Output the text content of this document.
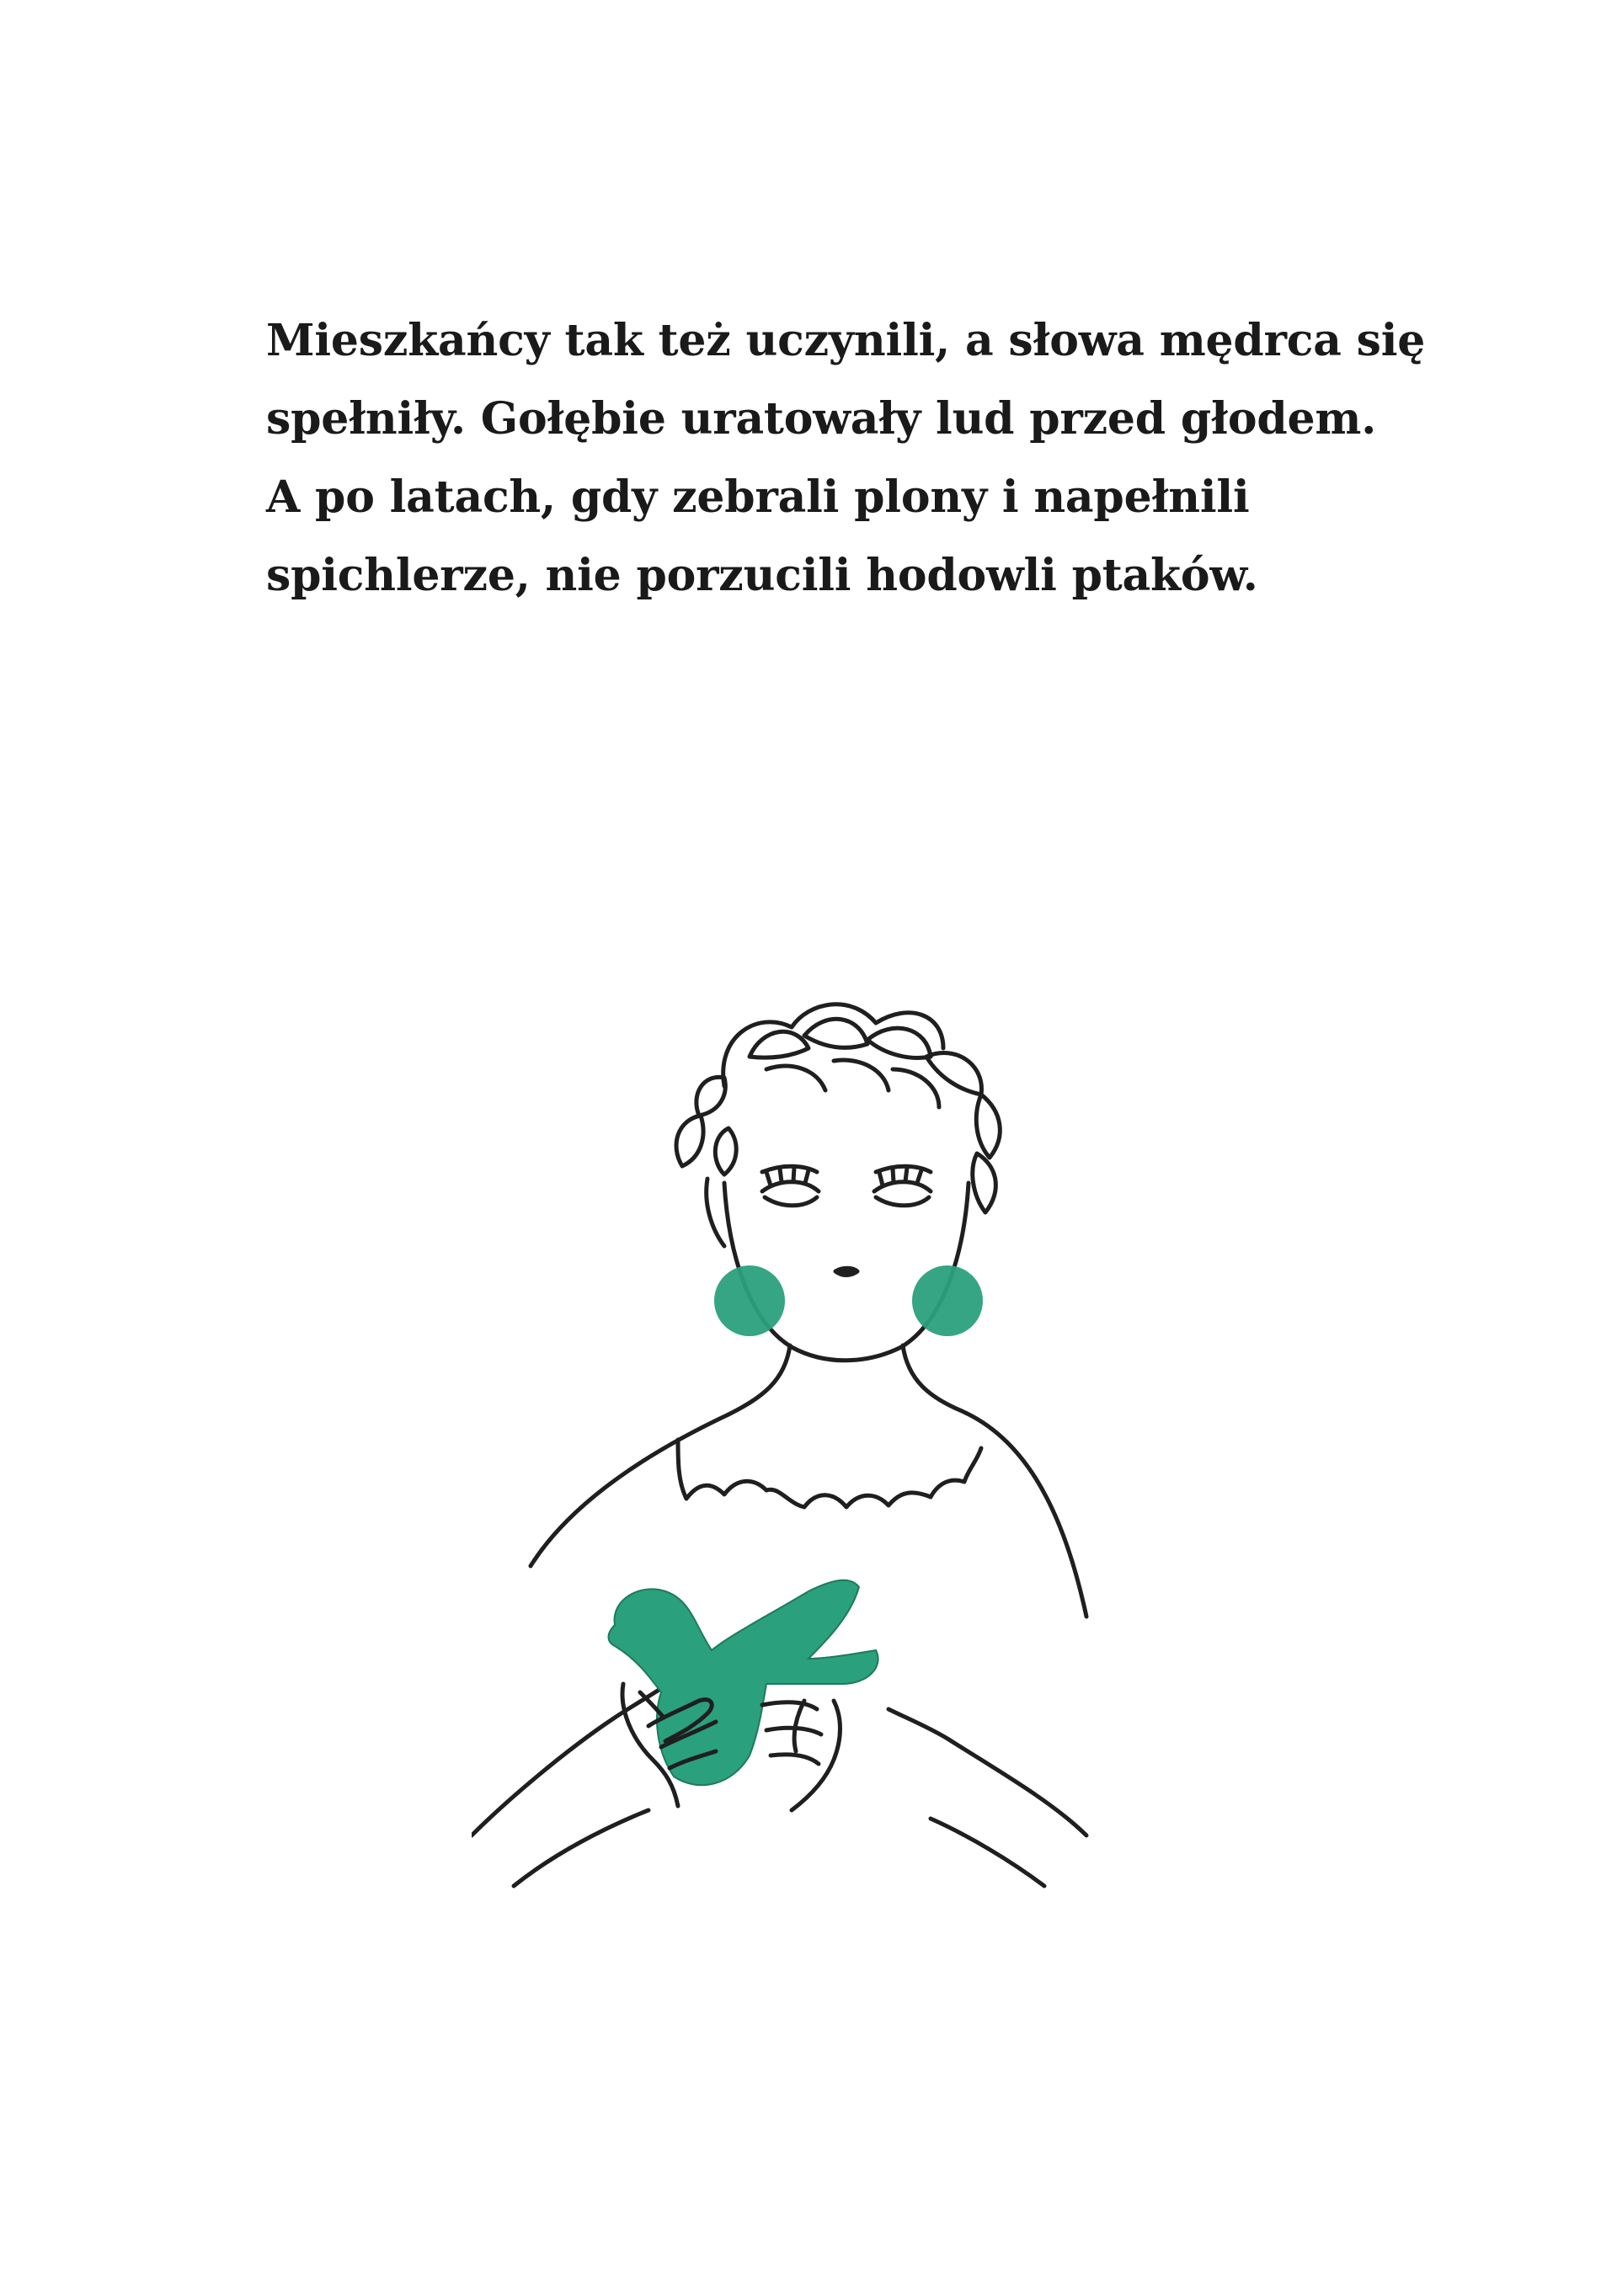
Mieszkańcy tak też uczynili, a słowa mędrca się
spełniły. Gołębie uratowały lud przed głodem.
A po latach, gdy zebrali plony i napełnili
spichlerze, nie porzucili hodowli ptaków.
